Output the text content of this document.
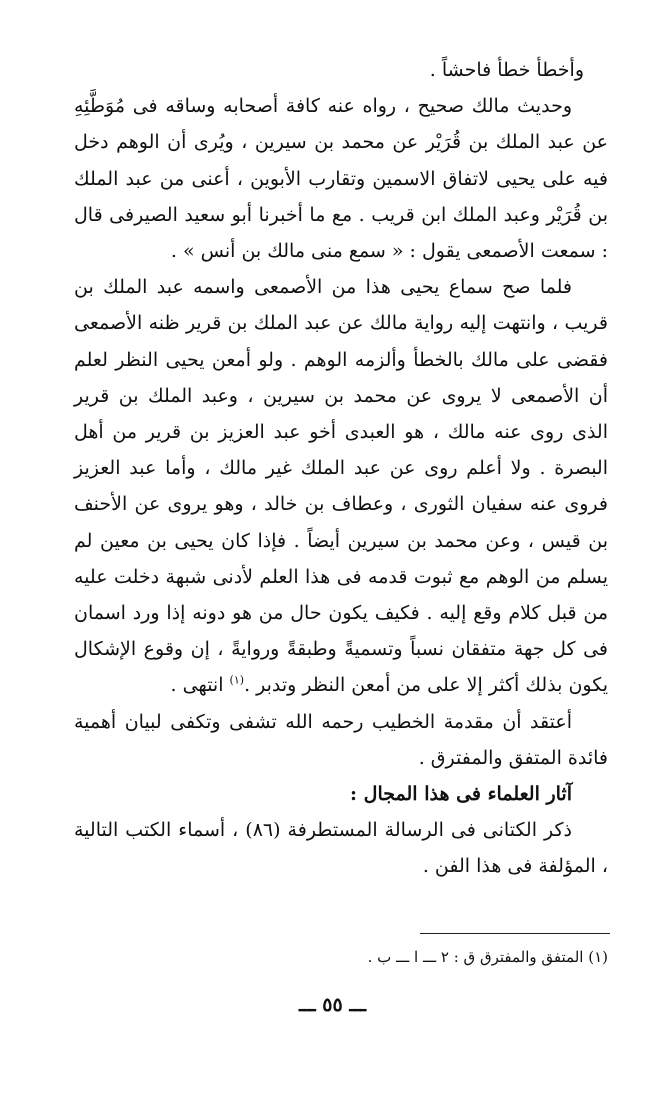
وأخطأ خطأ فاحشاً .

وحديث مالك صحيح ، رواه عنه كافة أصحابه وساقه فى مُوَطَّئِهِ عن عبد الملك بن قُرَيْر عن محمد بن سيرين ، ويُرى أن الوهم دخل فيه على يحيى لاتفاق الاسمين وتقارب الأبوين ، أعنى من عبد الملك بن قُرَيْر وعبد الملك ابن قريب . مع ما أخبرنا أبو سعيد الصيرفى قال : سمعت الأصمعى يقول : « سمع منى مالك بن أنس » .

فلما صح سماع يحيى هذا من الأصمعى واسمه عبد الملك بن قريب ، وانتهت إليه رواية مالك عن عبد الملك بن قرير ظنه الأصمعى فقضى على مالك بالخطأ وألزمه الوهم . ولو أمعن يحيى النظر لعلم أن الأصمعى لا يروى عن محمد بن سيرين ، وعبد الملك بن قرير الذى روى عنه مالك ، هو العبدى أخو عبد العزيز بن قرير من أهل البصرة . ولا أعلم روى عن عبد الملك غير مالك ، وأما عبد العزيز فروى عنه سفيان الثورى ، وعطاف بن خالد ، وهو يروى عن الأحنف بن قيس ، وعن محمد بن سيرين أيضاً . فإذا كان يحيى بن معين لم يسلم من الوهم مع ثبوت قدمه فى هذا العلم لأدنى شبهة دخلت عليه من قبل كلام وقع إليه . فكيف يكون حال من هو دونه إذا ورد اسمان فى كل جهة متفقان نسباً وتسميةً وطبقةً وروايةً ، إن وقوع الإشكال يكون بذلك أكثر إلا على من أمعن النظر وتدبر .$^{(١)}$ انتهى .

أعتقد أن مقدمة الخطيب رحمه الله تشفى وتكفى لبيان أهمية فائدة المتفق والمفترق .

آثار العلماء فى هذا المجال :

ذكر الكتانى فى الرسالة المستطرفة (٨٦) ، أسماء الكتب التالية ، المؤلفة فى هذا الفن .

(١) المتفق والمفترق ق : ٢ ـــ ا ـــ ب .
ـــ ٥٥ ـــ
